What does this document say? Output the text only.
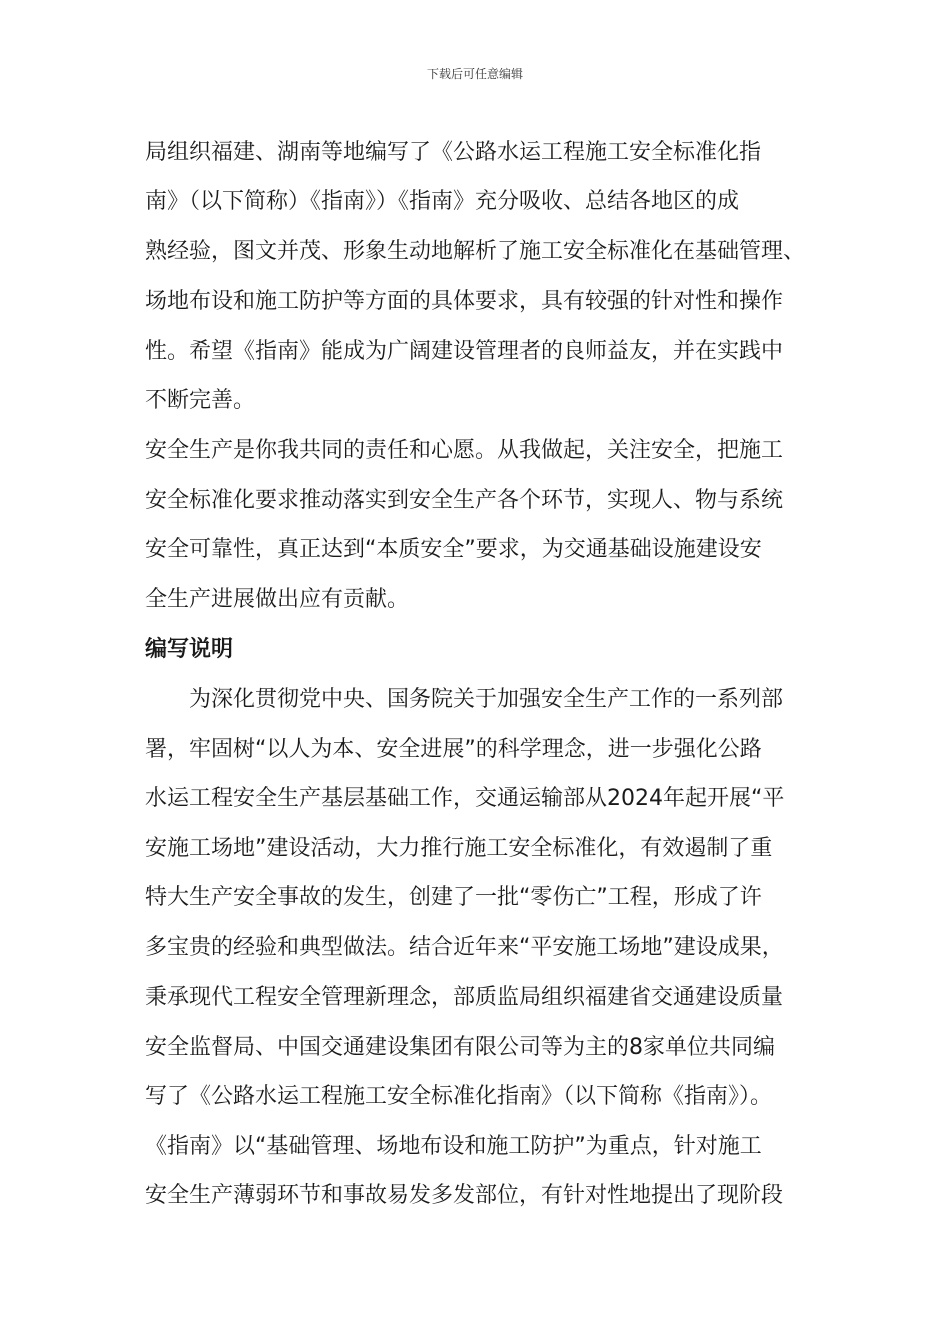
下载后可任意编辑
局组织福建、湖南等地编写了《公路水运工程施工安全标准化指
南》（以下简称）《指南》）《指南》充分吸收、总结各地区的成
熟经验，图文并茂、形象生动地解析了施工安全标准化在基础管理、
场地布设和施工防护等方面的具体要求，具有较强的针对性和操作
性。希望《指南》能成为广阔建设管理者的良师益友，并在实践中
不断完善。
安全生产是你我共同的责任和心愿。从我做起，关注安全，把施工
安全标准化要求推动落实到安全生产各个环节，实现人、物与系统
安全可靠性，真正达到“本质安全”要求，为交通基础设施建设安
全生产进展做出应有贡献。
编写说明
为深化贯彻党中央、国务院关于加强安全生产工作的一系列部
署，牢固树“以人为本、安全进展”的科学理念，进一步强化公路
水运工程安全生产基层基础工作，交通运输部从2024年起开展“平
安施工场地”建设活动，大力推行施工安全标准化，有效遏制了重
特大生产安全事故的发生，创建了一批“零伤亡”工程，形成了许
多宝贵的经验和典型做法。结合近年来“平安施工场地”建设成果，
秉承现代工程安全管理新理念，部质监局组织福建省交通建设质量
安全监督局、中国交通建设集团有限公司等为主的8家单位共同编
写了《公路水运工程施工安全标准化指南》（以下简称《指南》）。
《指南》以“基础管理、场地布设和施工防护”为重点，针对施工
安全生产薄弱环节和事故易发多发部位，有针对性地提出了现阶段
